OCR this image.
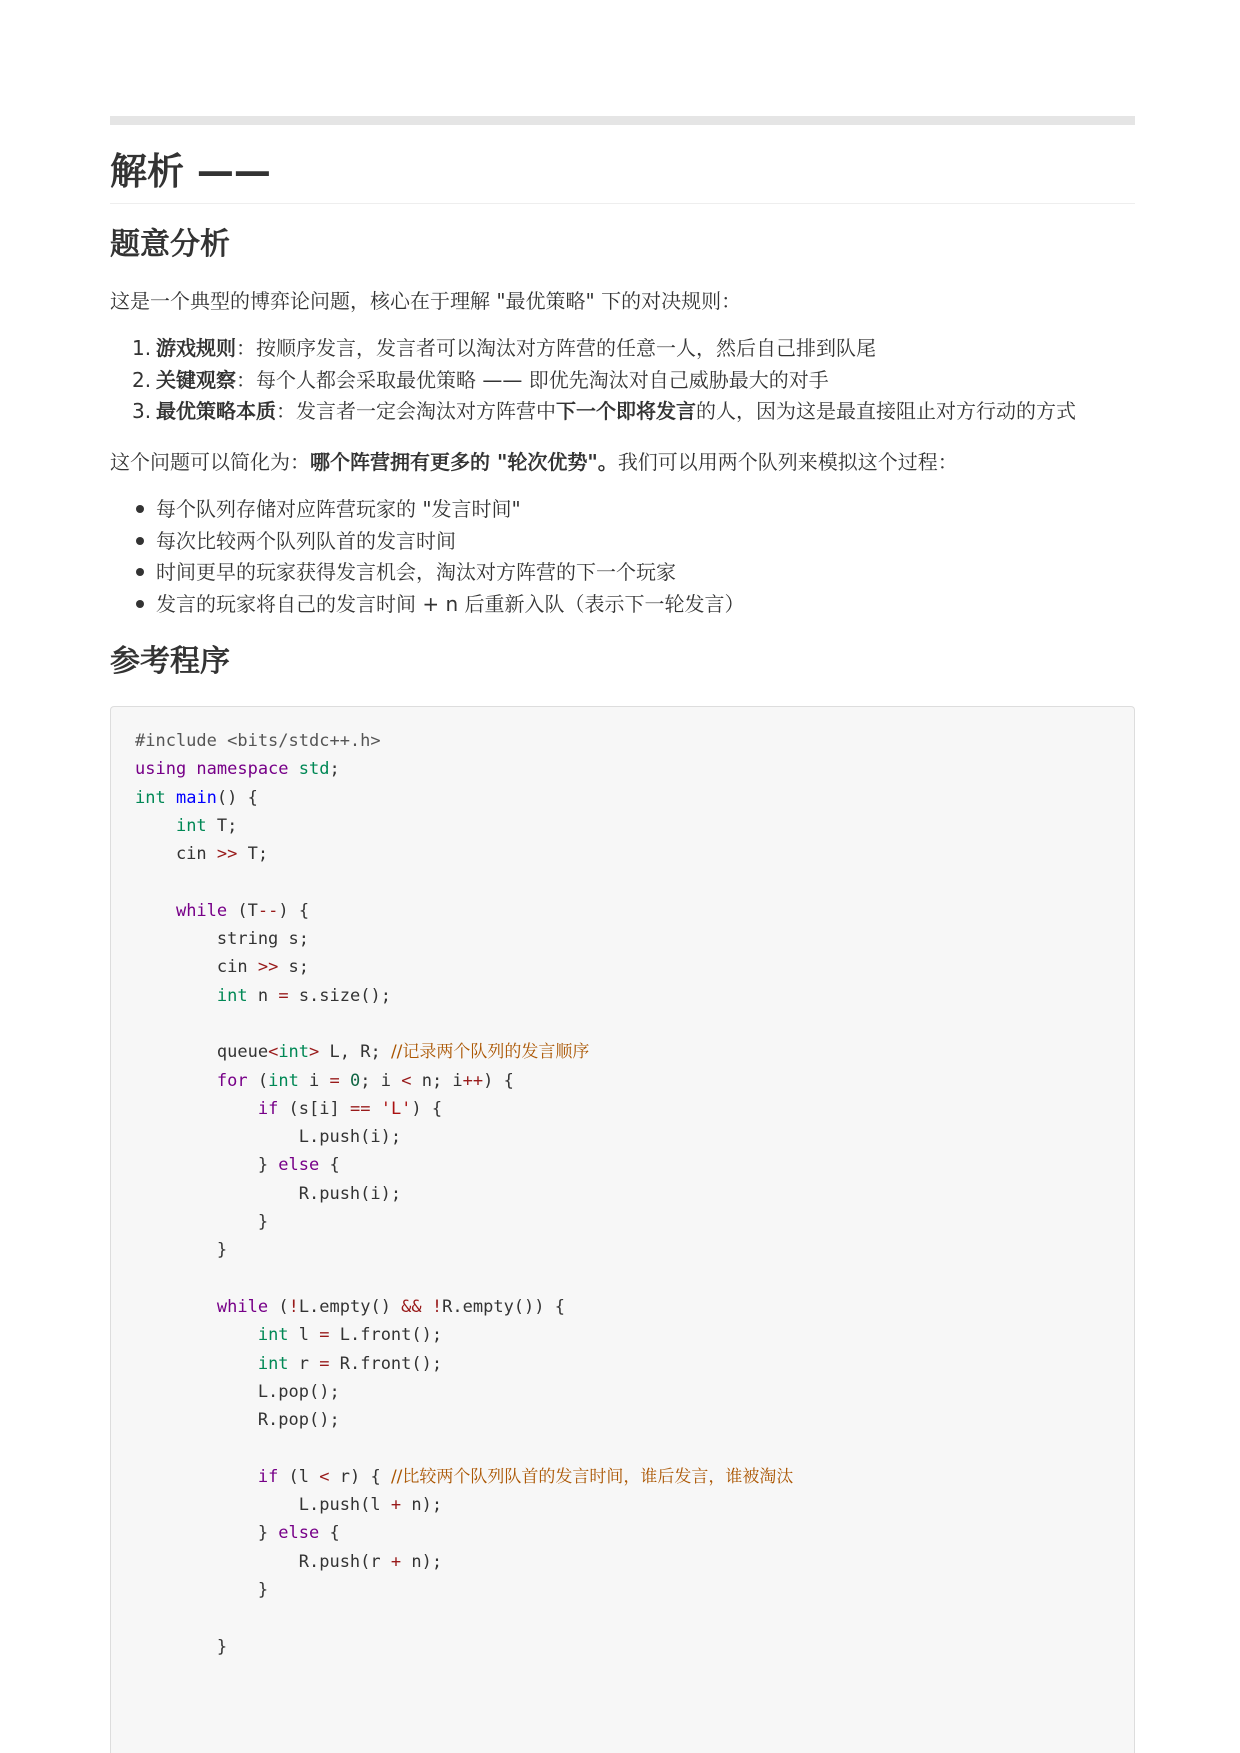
解析 ——
题意分析

这是一个典型的博弈论问题，核心在于理解 "最优策略" 下的对决规则：

1. 游戏规则：按顺序发言，发言者可以淘汰对方阵营的任意一人，然后自己排到队尾
2. 关键观察：每个人都会采取最优策略 —— 即优先淘汰对自己威胁最大的对手
3. 最优策略本质：发言者一定会淘汰对方阵营中下一个即将发言的人，因为这是最直接阻止对方行动的方式

这个问题可以简化为：哪个阵营拥有更多的 "轮次优势"。我们可以用两个队列来模拟这个过程：

每个队列存储对应阵营玩家的 "发言时间"
每次比较两个队列队首的发言时间
时间更早的玩家获得发言机会，淘汰对方阵营的下一个玩家
发言的玩家将自己的发言时间 + n 后重新入队（表示下一轮发言）
参考程序
#include <bits/stdc++.h>
using namespace std;
int main() {
int T;
cin >> T;

while (T--) {
string s;
cin >> s;
int n = s.size();

queue<int> L, R; //记录两个队列的发言顺序
for (int i = 0; i < n; i++) {
if (s[i] == 'L') {
L.push(i);
} else {
R.push(i);
}
}

while (!L.empty() && !R.empty()) {
int l = L.front();
int r = R.front();
L.pop();
R.pop();

if (l < r) { //比较两个队列队首的发言时间，谁后发言，谁被淘汰
L.push(l + n);
} else {
R.push(r + n);
}

}
